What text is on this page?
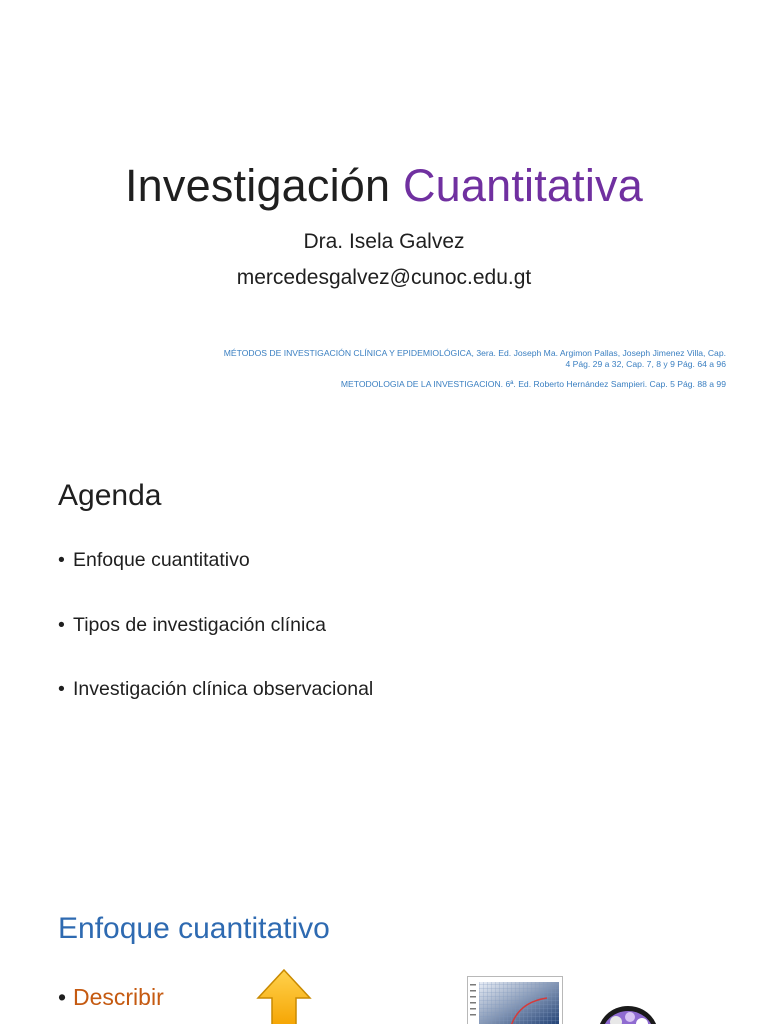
Investigación Cuantitativa
Dra. Isela Galvez
mercedesgalvez@cunoc.edu.gt
MÉTODOS DE INVESTIGACIÓN CLÍNICA Y EPIDEMIOLÓGICA, 3era. Ed. Joseph Ma. Argimon Pallas, Joseph Jimenez Villa, Cap.
4 Pág. 29 a 32, Cap. 7, 8 y 9 Pág. 64 a 96
METODOLOGIA DE LA INVESTIGACION. 6ª. Ed. Roberto Hernández Sampieri. Cap. 5 Pág. 88 a 99
Agenda
• Enfoque cuantitativo
• Tipos de investigación clínica
• Investigación clínica observacional
Enfoque cuantitativo
• Describir
